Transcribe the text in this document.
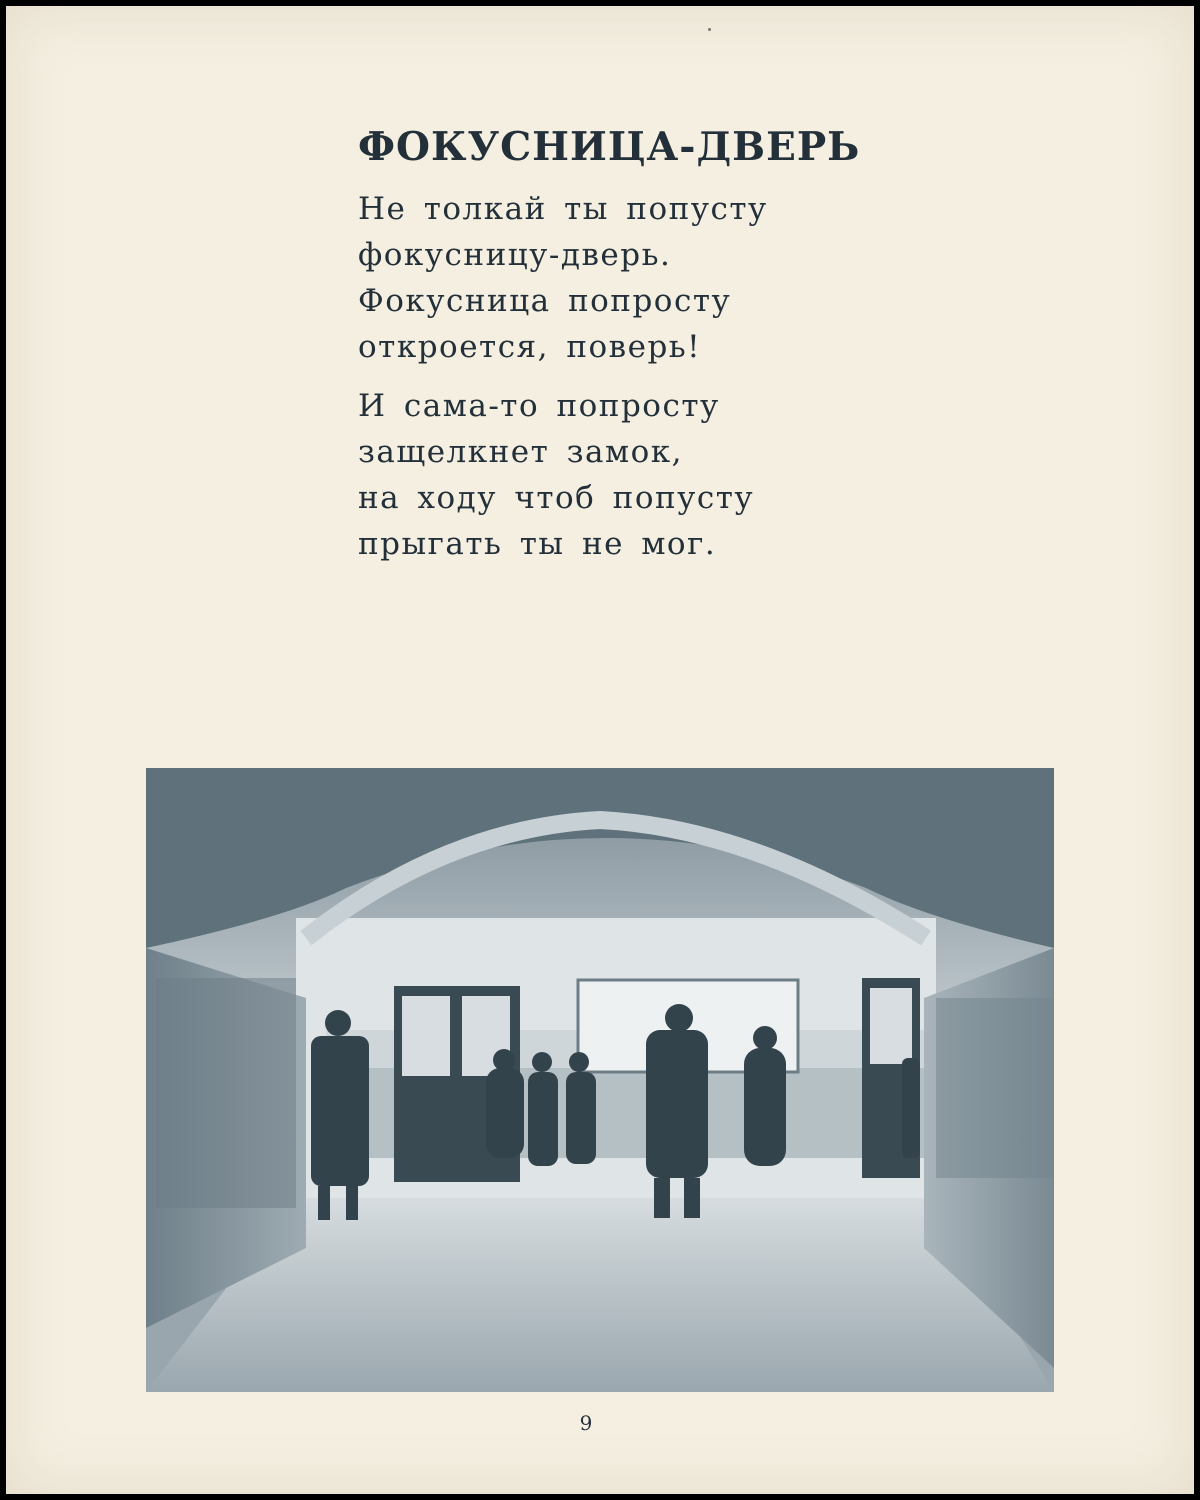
ФОКУСНИЦА-ДВЕРЬ
Не толкай ты попусту
фокусницу-дверь.
Фокусница попросту
откроется, поверь!
И сама-то попросту
защелкнет замок,
на ходу чтоб попусту
прыгать ты не мог.
9
